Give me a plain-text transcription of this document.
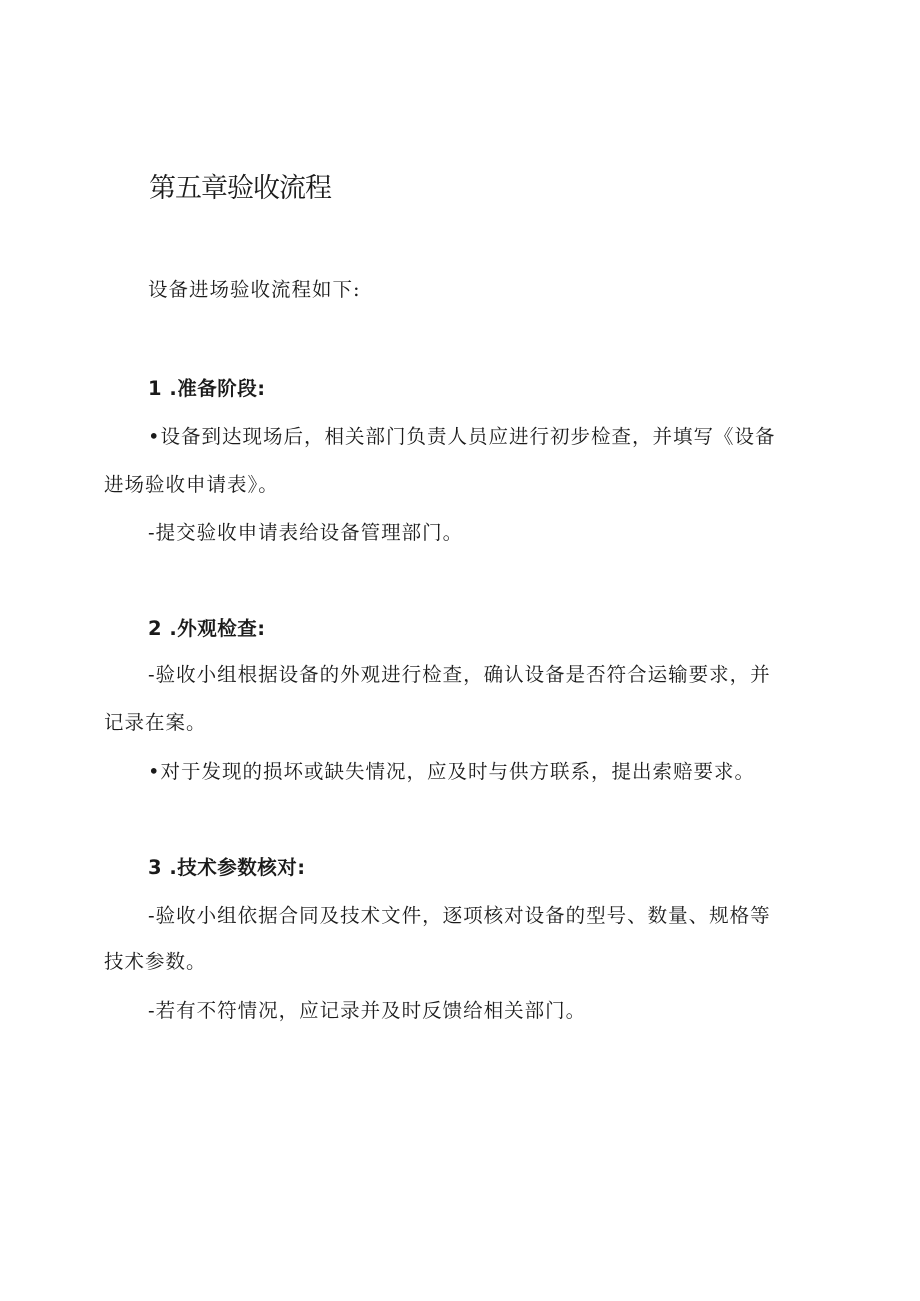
第五章验收流程

设备进场验收流程如下:

1 .准备阶段:

•设备到达现场后，相关部门负责人员应进行初步检查，并填写《设备

进场验收申请表》。

-提交验收申请表给设备管理部门。

2 .外观检查:

-验收小组根据设备的外观进行检查，确认设备是否符合运输要求，并

记录在案。

•对于发现的损坏或缺失情况，应及时与供方联系，提出索赔要求。

3 .技术参数核对:

-验收小组依据合同及技术文件，逐项核对设备的型号、数量、规格等

技术参数。

-若有不符情况，应记录并及时反馈给相关部门。
